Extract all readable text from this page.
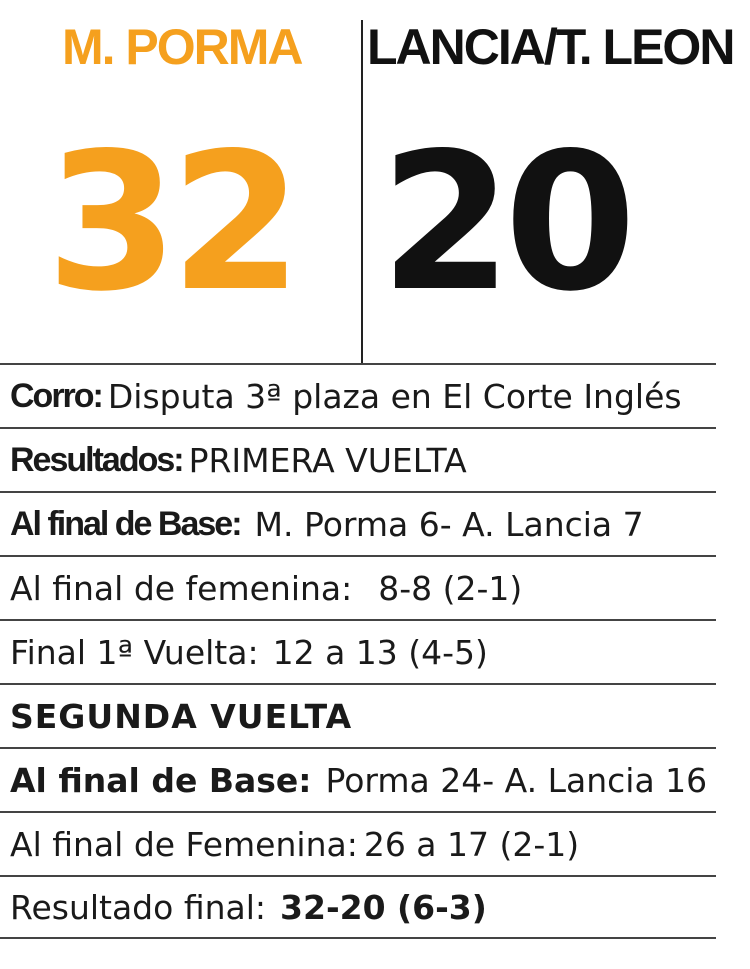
M. PORMA LANCIA/T. LEON
32 20
Corro: Disputa 3ª plaza en El Corte Inglés
Resultados: PRIMERA VUELTA
Al final de Base: M. Porma 6- A. Lancia 7
Al final de femenina: 8-8 (2-1)
Final 1ª Vuelta: 12 a 13 (4-5)
SEGUNDA VUELTA
Al final de Base: Porma 24- A. Lancia 16
Al final de Femenina: 26 a 17 (2-1)
Resultado final: 32-20 (6-3)
